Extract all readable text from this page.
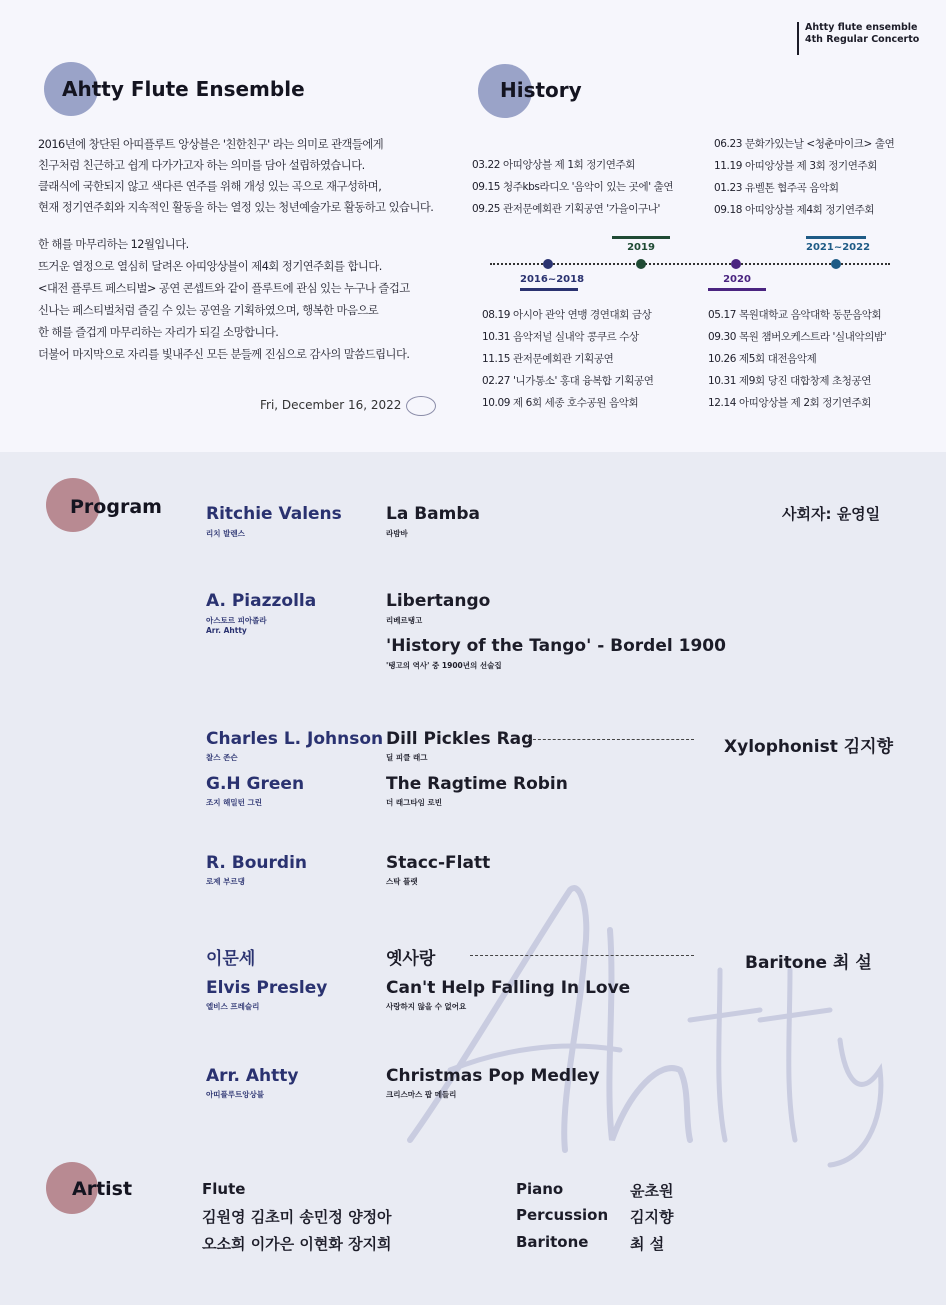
Ahtty flute ensemble
4th Regular Concerto
Ahtty Flute Ensemble	History
2016년에 창단된 아띠플루트 앙상블은 '친한친구' 라는 의미로 관객들에게
친구처럼 친근하고 쉽게 다가가고자 하는 의미를 담아 설립하였습니다.
클래식에 국한되지 않고 색다른 연주를 위해 개성 있는 곡으로 재구성하며,
현재 정기연주회와 지속적인 활동을 하는 열정 있는 청년예술가로 활동하고 있습니다.
한 해를 마무리하는 12월입니다.
뜨거운 열정으로 열심히 달려온 아띠앙상블이 제4회 정기연주회를 합니다.
<대전 플루트 페스티벌> 공연 콘셉트와 같이 플루트에 관심 있는 누구나 즐겁고
신나는 페스티벌처럼 즐길 수 있는 공연을 기획하였으며, 행복한 마음으로
한 해를 즐겁게 마무리하는 자리가 되길 소망합니다.
더불어 마지막으로 자리를 빛내주신 모든 분들께 진심으로 감사의 말씀드립니다.
Fri, December 16, 2022
03.22 아띠앙상블 제 1회 정기연주회
09.15 청주kbs라디오 '음악이 있는 곳에' 출연
09.25 관저문예회관 기획공연 '가을이구나'
06.23 문화가있는날 <청춘마이크> 출연
11.19 아띠앙상블 제 3회 정기연주회
01.23 유벨톤 협주곡 음악회
09.18 아띠앙상블 제4회 정기연주회
2016~2018
2019
2020
2021~2022
08.19 아시아 관악 연맹 경연대회 금상
10.31 음악저널 실내악 콩쿠르 수상
11.15 관저문예회관 기획공연
02.27 '니가통소' 홍대 융복합 기획공연
10.09 제 6회 세종 호수공원 음악회
05.17 목원대학교 음악대학 동문음악회
09.30 목원 챔버오케스트라 '실내악의밤'
10.26 제5회 대전음악제
10.31 제9회 당진 대합창제 초청공연
12.14 아띠앙상블 제 2회 정기연주회
Program	사회자: 윤영일
Ritchie Valens
리치 발렌스
La Bamba
라밤바
A. Piazzolla
아스토르 피아졸라
Arr. Ahtty
Libertango
리베르탱고
'History of the Tango' - Bordel 1900
'탱고의 역사' 중 1900년의 선술집
Charles L. Johnson
찰스 존슨
Dill Pickles Rag
딜 피클 래그
Xylophonist 김지향
G.H Green
조지 해밀턴 그린
The Ragtime Robin
더 래그타임 로빈
R. Bourdin
로제 부르댕
Stacc-Flatt
스탁 플랫
이문세	옛사랑	Baritone 최 설
Elvis Presley
엘비스 프레슬리
Can't Help Falling In Love
사랑하지 않을 수 없어요
Arr. Ahtty
아띠플루트앙상블
Christmas Pop Medley
크리스마스 팝 메들리
Artist	Flute
김원영 김초미 송민정 양정아
오소희 이가은 이현화 장지희
Piano	윤초원
Percussion 김지향
Baritone	최 설
